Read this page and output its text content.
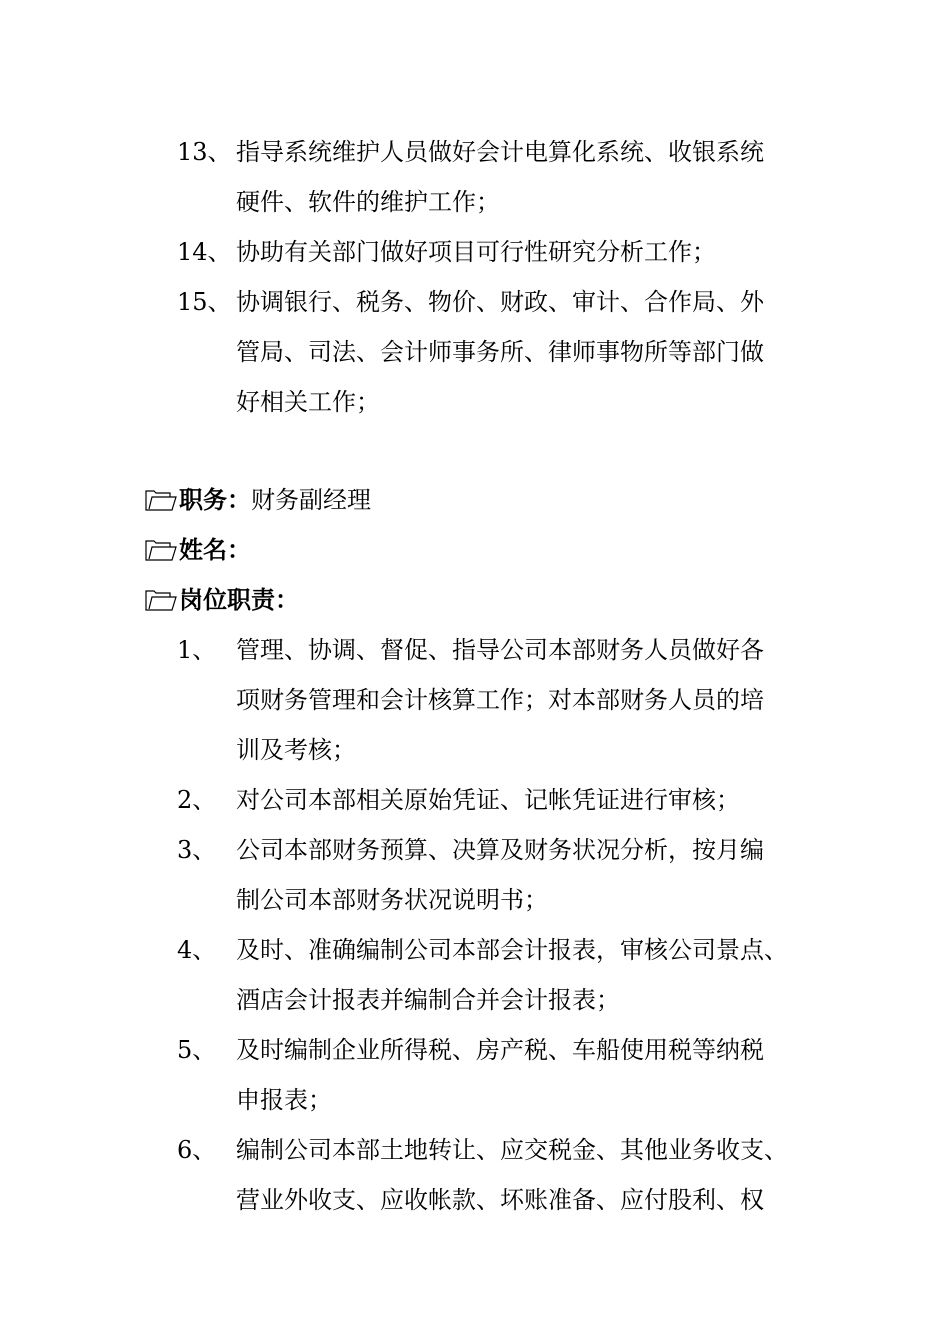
13、 指导系统维护人员做好会计电算化系统、收银系统
硬件、软件的维护工作；
14、 协助有关部门做好项目可行性研究分析工作；
15、 协调银行、税务、物价、财政、审计、合作局、外
管局、司法、会计师事务所、律师事物所等部门做
好相关工作；
职务： 财务副经理
姓名：
岗位职责：
1、 管理、协调、督促、指导公司本部财务人员做好各
项财务管理和会计核算工作；对本部财务人员的培
训及考核；
2、 对公司本部相关原始凭证、记帐凭证进行审核；
3、 公司本部财务预算、决算及财务状况分析，按月编
制公司本部财务状况说明书；
4、 及时、准确编制公司本部会计报表，审核公司景点、
酒店会计报表并编制合并会计报表；
5、 及时编制企业所得税、房产税、车船使用税等纳税
申报表；
6、 编制公司本部土地转让、应交税金、其他业务收支、
营业外收支、应收帐款、坏账准备、应付股利、权
